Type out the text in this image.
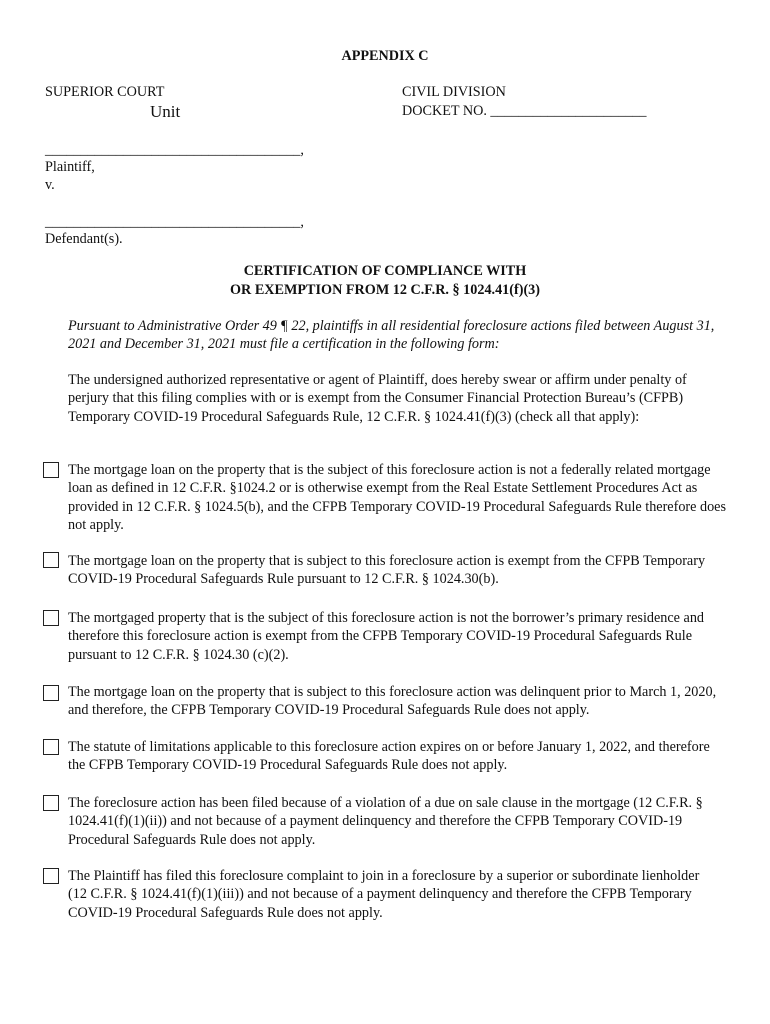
APPENDIX C
SUPERIOR COURT
Unit
CIVIL DIVISION
DOCKET NO. ______________________
____________________________________,
Plaintiff,
v.
____________________________________,
Defendant(s).
CERTIFICATION OF COMPLIANCE WITH
OR EXEMPTION FROM 12 C.F.R. § 1024.41(f)(3)
Pursuant to Administrative Order 49 ¶ 22, plaintiffs in all residential foreclosure actions filed between August 31, 2021 and December 31, 2021 must file a certification in the following form:
The undersigned authorized representative or agent of Plaintiff, does hereby swear or affirm under penalty of perjury that this filing complies with or is exempt from the Consumer Financial Protection Bureau’s (CFPB) Temporary COVID-19 Procedural Safeguards Rule, 12 C.F.R. § 1024.41(f)(3) (check all that apply):
The mortgage loan on the property that is the subject of this foreclosure action is not a federally related mortgage loan as defined in 12 C.F.R. §1024.2 or is otherwise exempt from the Real Estate Settlement Procedures Act as provided in 12 C.F.R. § 1024.5(b), and the CFPB Temporary COVID-19 Procedural Safeguards Rule therefore does not apply.
The mortgage loan on the property that is subject to this foreclosure action is exempt from the CFPB Temporary COVID-19 Procedural Safeguards Rule pursuant to 12 C.F.R. § 1024.30(b).
The mortgaged property that is the subject of this foreclosure action is not the borrower’s primary residence and therefore this foreclosure action is exempt from the CFPB Temporary COVID-19 Procedural Safeguards Rule pursuant to 12 C.F.R. § 1024.30 (c)(2).
The mortgage loan on the property that is subject to this foreclosure action was delinquent prior to March 1, 2020, and therefore, the CFPB Temporary COVID-19 Procedural Safeguards Rule does not apply.
The statute of limitations applicable to this foreclosure action expires on or before January 1, 2022, and therefore the CFPB Temporary COVID-19 Procedural Safeguards Rule does not apply.
The foreclosure action has been filed because of a violation of a due on sale clause in the mortgage (12 C.F.R. § 1024.41(f)(1)(ii)) and not because of a payment delinquency and therefore the CFPB Temporary COVID-19 Procedural Safeguards Rule does not apply.
The Plaintiff has filed this foreclosure complaint to join in a foreclosure by a superior or subordinate lienholder (12 C.F.R. § 1024.41(f)(1)(iii)) and not because of a payment delinquency and therefore the CFPB Temporary COVID-19 Procedural Safeguards Rule does not apply.
